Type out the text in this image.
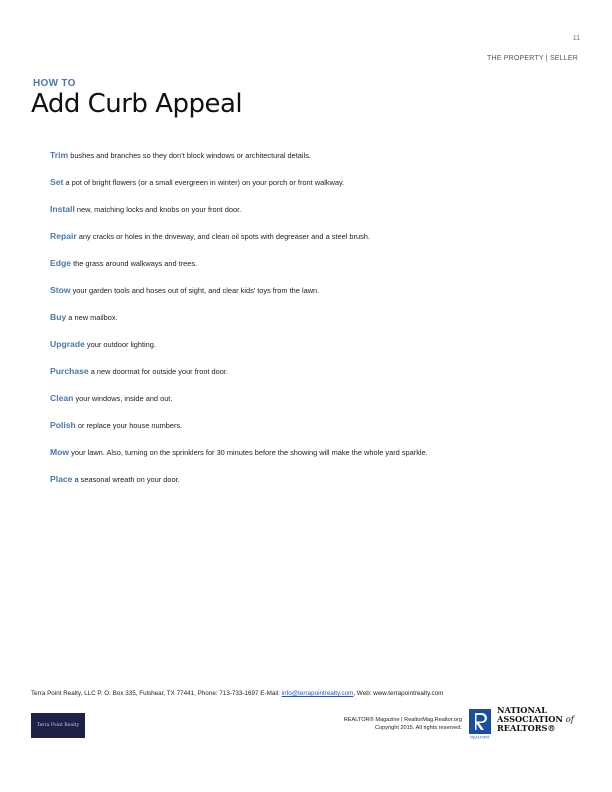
11
THE PROPERTY | SELLER
HOW TO
Add Curb Appeal
Trim bushes and branches so they don’t block windows or architectural details.
Set a pot of bright flowers (or a small evergreen in winter) on your porch or front walkway.
Install new, matching locks and knobs on your front door.
Repair any cracks or holes in the driveway, and clean oil spots with degreaser and a steel brush.
Edge the grass around walkways and trees.
Stow your garden tools and hoses out of sight, and clear kids’ toys from the lawn.
Buy a new mailbox.
Upgrade your outdoor lighting.
Purchase a new doormat for outside your front door.
Clean your windows, inside and out.
Polish or replace your house numbers.
Mow your lawn. Also, turning on the sprinklers for 30 minutes before the showing will make the whole yard sparkle.
Place a seasonal wreath on your door.
Terra Point Realty, LLC P. O. Box 335, Fulshear, TX 77441, Phone: 713-733-1697 E-Mail: info@terrapointrealty.com, Web: www.terrapointrealty.com
Terra Point Realty
REALTOR® Magazine | RealtorMag.Realtor.org
Copyright 2015. All rights reserved.
REALTOR®
NATIONAL
ASSOCIATION of
REALTORS®
